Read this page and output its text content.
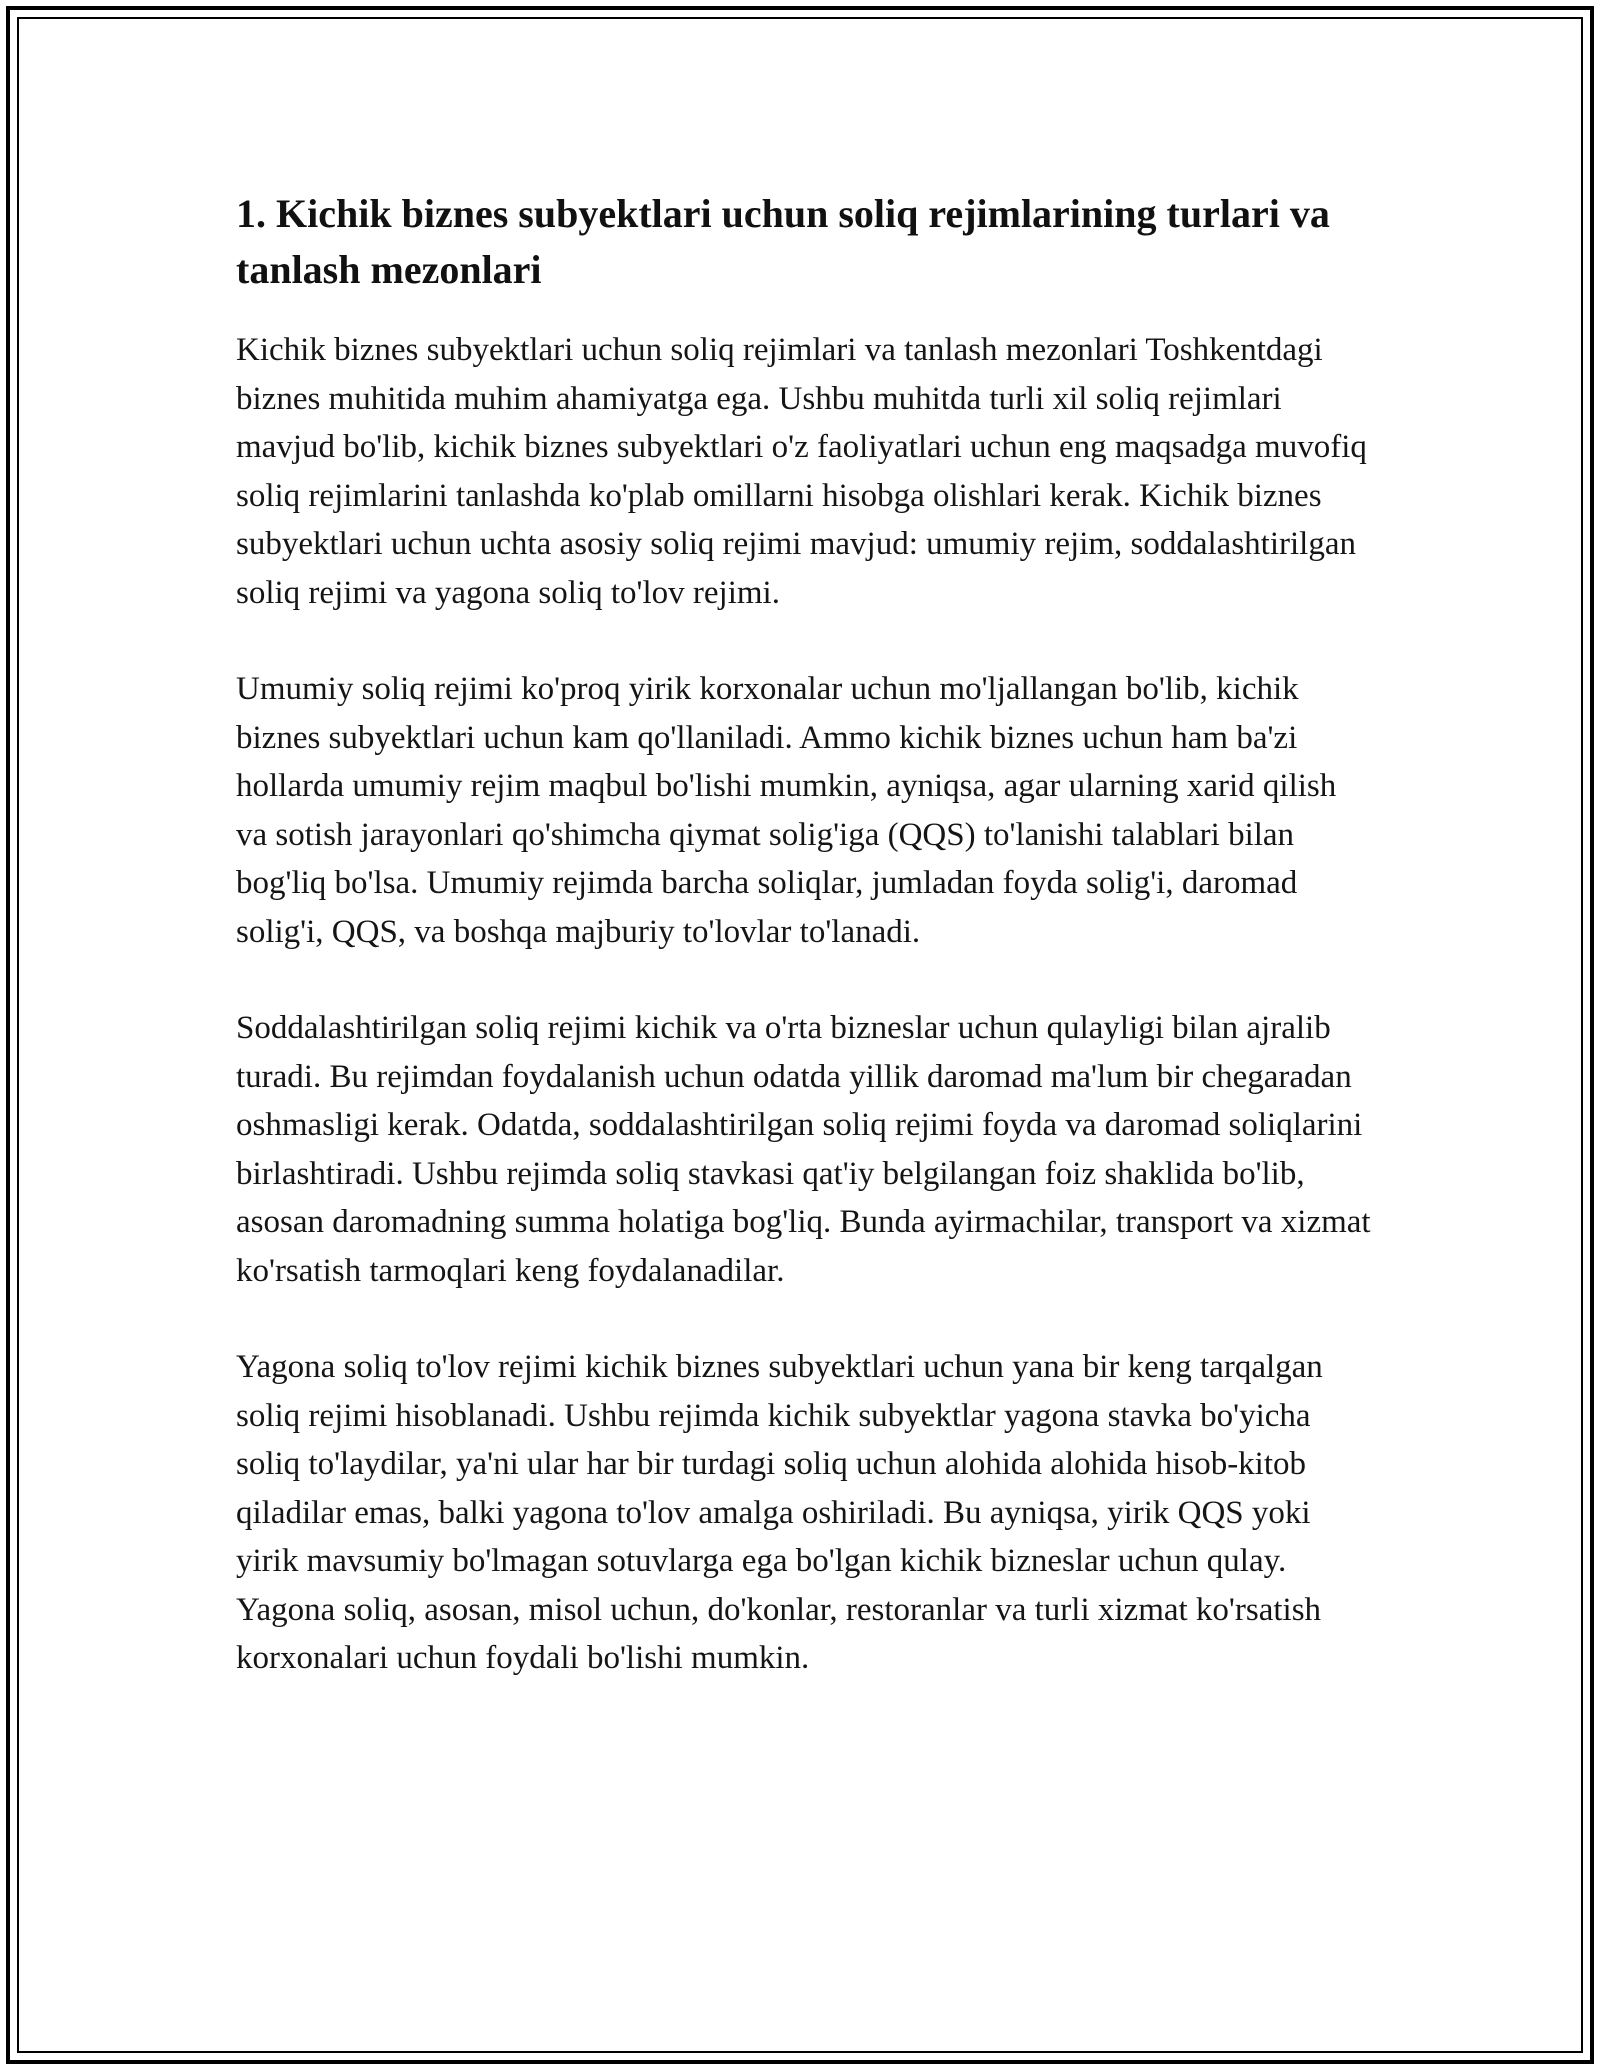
1. Kichik biznes subyektlari uchun soliq rejimlarining turlari va tanlash mezonlari

Kichik biznes subyektlari uchun soliq rejimlari va tanlash mezonlari Toshkentdagi biznes muhitida muhim ahamiyatga ega. Ushbu muhitda turli xil soliq rejimlari mavjud bo'lib, kichik biznes subyektlari o'z faoliyatlari uchun eng maqsadga muvofiq soliq rejimlarini tanlashda ko'plab omillarni hisobga olishlari kerak. Kichik biznes subyektlari uchun uchta asosiy soliq rejimi mavjud: umumiy rejim, soddalashtirilgan soliq rejimi va yagona soliq to'lov rejimi.

Umumiy soliq rejimi ko'proq yirik korxonalar uchun mo'ljallangan bo'lib, kichik biznes subyektlari uchun kam qo'llaniladi. Ammo kichik biznes uchun ham ba'zi hollarda umumiy rejim maqbul bo'lishi mumkin, ayniqsa, agar ularning xarid qilish va sotish jarayonlari qo'shimcha qiymat solig'iga (QQS) to'lanishi talablari bilan bog'liq bo'lsa. Umumiy rejimda barcha soliqlar, jumladan foyda solig'i, daromad solig'i, QQS, va boshqa majburiy to'lovlar to'lanadi.

Soddalashtirilgan soliq rejimi kichik va o'rta bizneslar uchun qulayligi bilan ajralib turadi. Bu rejimdan foydalanish uchun odatda yillik daromad ma'lum bir chegaradan oshmasligi kerak. Odatda, soddalashtirilgan soliq rejimi foyda va daromad soliqlarini birlashtiradi. Ushbu rejimda soliq stavkasi qat'iy belgilangan foiz shaklida bo'lib, asosan daromadning summa holatiga bog'liq. Bunda ayirmachilar, transport va xizmat ko'rsatish tarmoqlari keng foydalanadilar.

Yagona soliq to'lov rejimi kichik biznes subyektlari uchun yana bir keng tarqalgan soliq rejimi hisoblanadi. Ushbu rejimda kichik subyektlar yagona stavka bo'yicha soliq to'laydilar, ya'ni ular har bir turdagi soliq uchun alohida alohida hisob-kitob qiladilar emas, balki yagona to'lov amalga oshiriladi. Bu ayniqsa, yirik QQS yoki yirik mavsumiy bo'lmagan sotuvlarga ega bo'lgan kichik bizneslar uchun qulay. Yagona soliq, asosan, misol uchun, do'konlar, restoranlar va turli xizmat ko'rsatish korxonalari uchun foydali bo'lishi mumkin.
